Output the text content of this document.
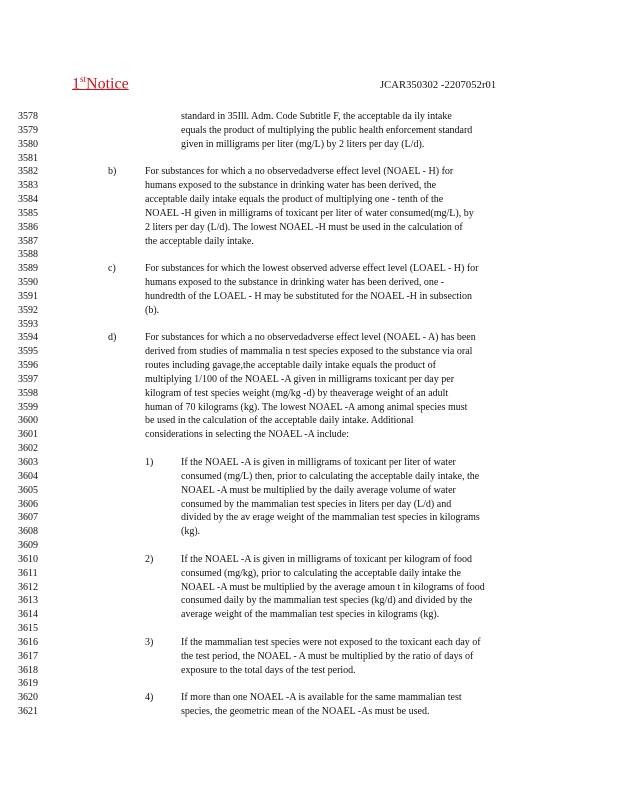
1stNotice	JCAR350302 -2207052r01
3578	standard in 35Ill. Adm. Code Subtitle F, the acceptable da ily intake
3579	equals the product of multiplying the public health enforcement standard
3580	given in milligrams per liter (mg/L) by 2 liters per day (L/d).
3581
3582	b)	For substances for which a no observedadverse effect level (NOAEL - H) for
3583	humans exposed to the substance in drinking water has been derived, the
3584	acceptable daily intake equals the product of multiplying one - tenth of the
3585	NOAEL -H given in milligrams of toxicant per liter of water consumed(mg/L), by
3586	2 liters per day (L/d). The lowest NOAEL -H must be used in the calculation of
3587	the acceptable daily intake.
3588
3589	c)	For substances for which the lowest observed adverse effect level (LOAEL - H) for
3590	humans exposed to the substance in drinking water has been derived, one -
3591	hundredth of the LOAEL - H may be substituted for the NOAEL -H in subsection
3592	(b).
3593
3594	d)	For substances for which a no observedadverse effect level (NOAEL - A) has been
3595	derived from studies of mammalia n test species exposed to the substance via oral
3596	routes including gavage,the acceptable daily intake equals the product of
3597	multiplying 1/100 of the NOAEL -A given in milligrams toxicant per day per
3598	kilogram of test species weight (mg/kg -d) by theaverage weight of an adult
3599	human of 70 kilograms (kg). The lowest NOAEL -A among animal species must
3600	be used in the calculation of the acceptable daily intake. Additional
3601	considerations in selecting the NOAEL -A include:
3602
3603	1)	If the NOAEL -A is given in milligrams of toxicant per liter of water
3604	consumed (mg/L) then, prior to calculating the acceptable daily intake, the
3605	NOAEL -A must be multiplied by the daily average volume of water
3606	consumed by the mammalian test species in liters per day (L/d) and
3607	divided by the av erage weight of the mammalian test species in kilograms
3608	(kg).
3609
3610	2)	If the NOAEL -A is given in milligrams of toxicant per kilogram of food
3611	consumed (mg/kg), prior to calculating the acceptable daily intake the
3612	NOAEL -A must be multiplied by the average amoun t in kilograms of food
3613	consumed daily by the mammalian test species (kg/d) and divided by the
3614	average weight of the mammalian test species in kilograms (kg).
3615
3616	3)	If the mammalian test species were not exposed to the toxicant each day of
3617	the test period, the NOAEL - A must be multiplied by the ratio of days of
3618	exposure to the total days of the test period.
3619
3620	4)	If more than one NOAEL -A is available for the same mammalian test
3621	species, the geometric mean of the NOAEL -As must be used.
